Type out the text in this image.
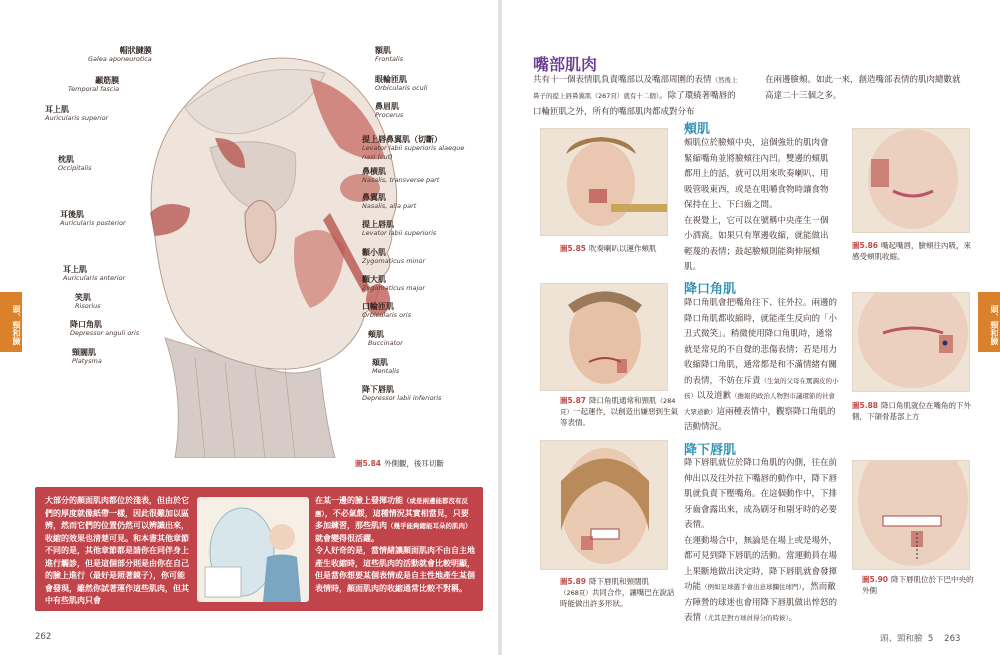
頭、頸和臉
帽狀腱膜
Galea aponeurotica
顳筋膜
Temporal fascia
耳上肌
Auricularis superior
枕肌
Occipitalis
耳後肌
Auricularis posterior
耳上肌
Auricularis anterior
笑肌
Risorius
降口角肌
Depressor anguli oris
頸闊肌
Platysma
額肌
Frontalis
眼輪匝肌
Orbicularis oculi
鼻眉肌
Procerus
提上唇鼻翼肌（切斷）
Levator labii superioris alaeque nasi (cut)
鼻横肌
Nasalis, transverse part
鼻翼肌
Nasalis, alla part
提上唇肌
Levator labii superioris
顴小肌
Zygomaticus minor
顴大肌
Zygomaticus major
口輪匝肌
Orbicularis oris
頰肌
Buccinator
頦肌
Mentalis
降下唇肌
Depressor labii inferioris
圖5.84 外側觀，後耳切斷
大部分的顏面肌肉都位於淺表，但由於它們的厚度就像紙帶一樣，因此很難加以區辨，然而它們的位置仍然可以辨識出來，收縮的效果也清楚可見。和本書其他章節不同的是，其他章節都是請你在同伴身上進行觸診，但是這個部分則是由你在自己的臉上進行（最好是照著鏡子），你可能會發現，雖然你試著運作這些肌肉，但其中有些肌肉只會
在某一邊的臉上發揮功能（或是兩邊能都沒有反應），不必氣餒，這種情況其實相當見，只要多加練習，那些肌肉（幾乎能夠總能耳朵的肌肉）就會變得很活躍。
令人好奇的是，當情緒讓顏面肌肉不由自主地產生收縮時，這些肌肉的活動就會比較明顯，但是當你想要某個表情或是自主性地產生某個表情時，顏面肌肉的收縮通常比較不對稱。
262
頭、頸和臉
嘴部肌肉
共有十一個表情肌負責嘴部以及嘴部周圍的表情（然後上鼻子的提上唇鼻翼肌（267頁）就有十二個）。除了環繞著嘴唇的口輪匝肌之外，所有的嘴部肌肉都成對分布
在兩邊臉頰。如此一來，創造嘴部表情的肌肉總數就高達二十三個之多。
圖5.85 吹奏喇叭以運作頰肌
頰肌
頰肌位於臉頰中央，這個強壯的肌肉會緊縮嘴角並將臉頰往內凹。雙邊的頰肌都用上的話，就可以用來吹奏喇叭、用吸管吸東西，或是在咀嚼食物時讓食物保持在上、下臼齒之間。
在視覺上，它可以在號稱中央產生一個小酒窩。如果只有單邊收縮，就能做出輕蔑的表情；鼓起臉頰則能夠伸展頰肌。
圖5.86 嘴起嘴唇，臉頰往內吸，來感受頰肌收縮。
圖5.87 降口角肌通常和頸肌（284頁）一起運作，以創造出嫌惡到生氣等表情。
降口角肌
降口角肌會把嘴角往下、往外拉。兩邊的降口角肌都收縮時，就能產生反向的「小丑式微笑」。稍微使用降口角肌時，通常就是常見的不自覺的悲傷表情；若是用力收縮降口角肌，通常都是和不滿情緒有關的表情，不妨在斥責（生氣的父母在罵調皮的小孩）以及道歉（擔報的政治人物對市議環節的社會大眾道歉）這兩種表情中，觀察降口角肌的活動情況。
圖5.88 降口角肌就位在嘴角的下外側，下頜骨基部上方
圖5.89 降下唇肌和頸闊肌（268頁）共同合作，讓嘴巴在說話時能做出許多形狀。
降下唇肌
降下唇肌就位於降口角肌的內側，往在前伸出以及往外拉下嘴唇的動作中，降下唇肌就負責下壓嘴角。在這個動作中，下排牙齒會露出來，成為刷牙和剔牙時的必要表情。
在運動場合中，無論是在場上或是場外，都可見到降下唇肌的活動。當運動員在場上果斷地做出決定時，降下唇肌就會發揮功能（例如足球選手會出意球攔住球門），然而敵方陣營的球迷也會用降下唇肌做出悴怒的表情（尤其是對方球員得分的時候）。
圖5.90 降下唇肌位於下巴中央的外側
頭、頸和臉 5 263
